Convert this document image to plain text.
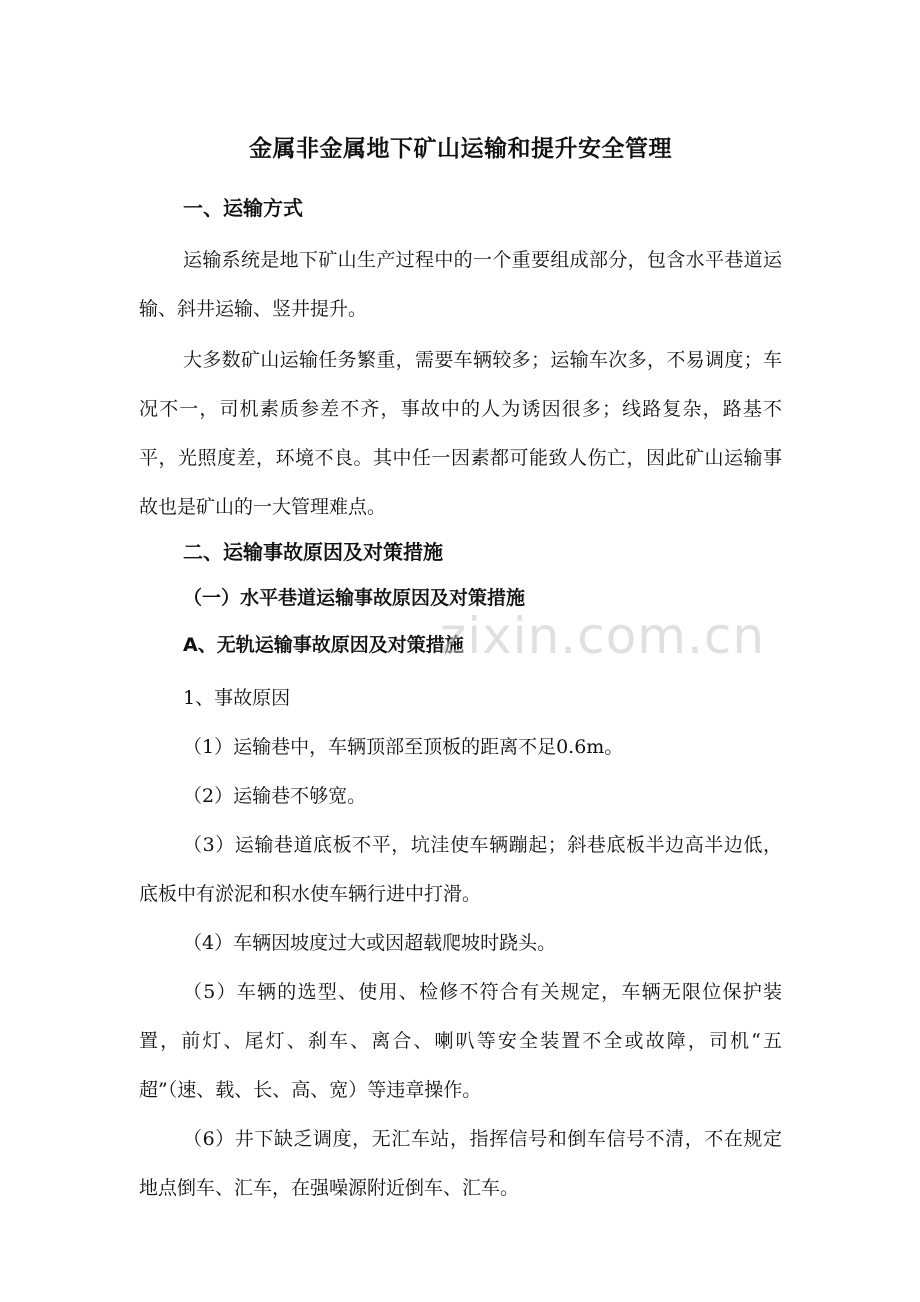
金属非金属地下矿山运输和提升安全管理
一、运输方式

运输系统是地下矿山生产过程中的一个重要组成部分，包含水平巷道运输、斜井运输、竖井提升。

大多数矿山运输任务繁重，需要车辆较多；运输车次多，不易调度；车况不一，司机素质参差不齐，事故中的人为诱因很多；线路复杂，路基不平，光照度差，环境不良。其中任一因素都可能致人伤亡，因此矿山运输事故也是矿山的一大管理难点。

二、运输事故原因及对策措施
（一）水平巷道运输事故原因及对策措施
A、无轨运输事故原因及对策措施

1、事故原因

（1）运输巷中，车辆顶部至顶板的距离不足0.6m。

（2）运输巷不够宽。

（3）运输巷道底板不平，坑洼使车辆蹦起；斜巷底板半边高半边低，底板中有淤泥和积水使车辆行进中打滑。

（4）车辆因坡度过大或因超载爬坡时跷头。

（5）车辆的选型、使用、检修不符合有关规定，车辆无限位保护装置，前灯、尾灯、刹车、离合、喇叭等安全装置不全或故障，司机“五超”（速、载、长、高、宽）等违章操作。

（6）井下缺乏调度，无汇车站，指挥信号和倒车信号不清，不在规定地点倒车、汇车，在强噪源附近倒车、汇车。

zixin.com.cn
